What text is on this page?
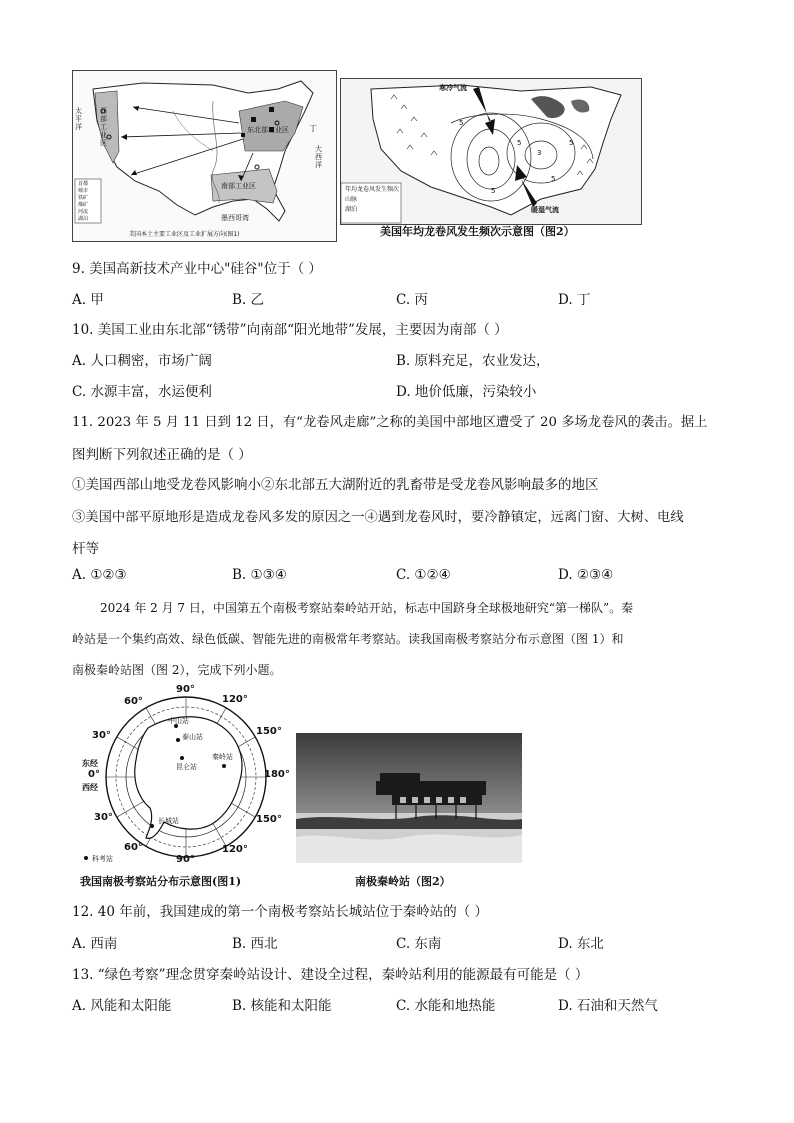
西部工业区
东北部工业区
南部工业区
太平洋
大西洋
墨西哥湾
丁
首都
城市
铁矿
煤矿
河流
湖泊
美国本土主要工业区及工业扩展方向(图1)
寒冷气流
暖湿气流
5
5
3
5
5
5
年均龙卷风发生频次
山脉
湖泊
美国年均龙卷风发生频次示意图（图2）
9. 美国高新技术产业中心"硅谷"位于（ ）
A. 甲	B. 乙	C. 丙	D. 丁
10. 美国工业由东北部“锈带”向南部“阳光地带”发展，主要因为南部（ ）
A. 人口稠密，市场广阔	B. 原料充足，农业发达，
C. 水源丰富，水运便利	D. 地价低廉，污染较小
11. 2023 年 5 月 11 日到 12 日，有“龙卷风走廊”之称的美国中部地区遭受了 20 多场龙卷风的袭击。据上
图判断下列叙述正确的是（ ）
①美国西部山地受龙卷风影响小②东北部五大湖附近的乳畜带是受龙卷风影响最多的地区
③美国中部平原地形是造成龙卷风多发的原因之一④遇到龙卷风时，要冷静镇定，远离门窗、大树、电线
杆等
A. ①②③	B. ①③④	C. ①②④	D. ②③④
2024 年 2 月 7 日，中国第五个南极考察站秦岭站开站，标志中国跻身全球极地研究“第一梯队”。秦
岭站是一个集约高效、绿色低碳、智能先进的南极常年考察站。读我国南极考察站分布示意图（图 1）和
南极秦岭站图（图 2），完成下列小题。
90°
60°	120°
30°	150°
东经
0°	180°
西经
30°	150°
60°	120°
90°
中山站
泰山站
昆仑站
秦岭站
长城站
科考站
我国南极考察站分布示意图(图1)	南极秦岭站（图2）
12. 40 年前，我国建成的第一个南极考察站长城站位于秦岭站的（ ）
A. 西南	B. 西北	C. 东南	D. 东北
13. “绿色考察”理念贯穿秦岭站设计、建设全过程，秦岭站利用的能源最有可能是（ ）
A. 风能和太阳能	B. 核能和太阳能	C. 水能和地热能	D. 石油和天然气
